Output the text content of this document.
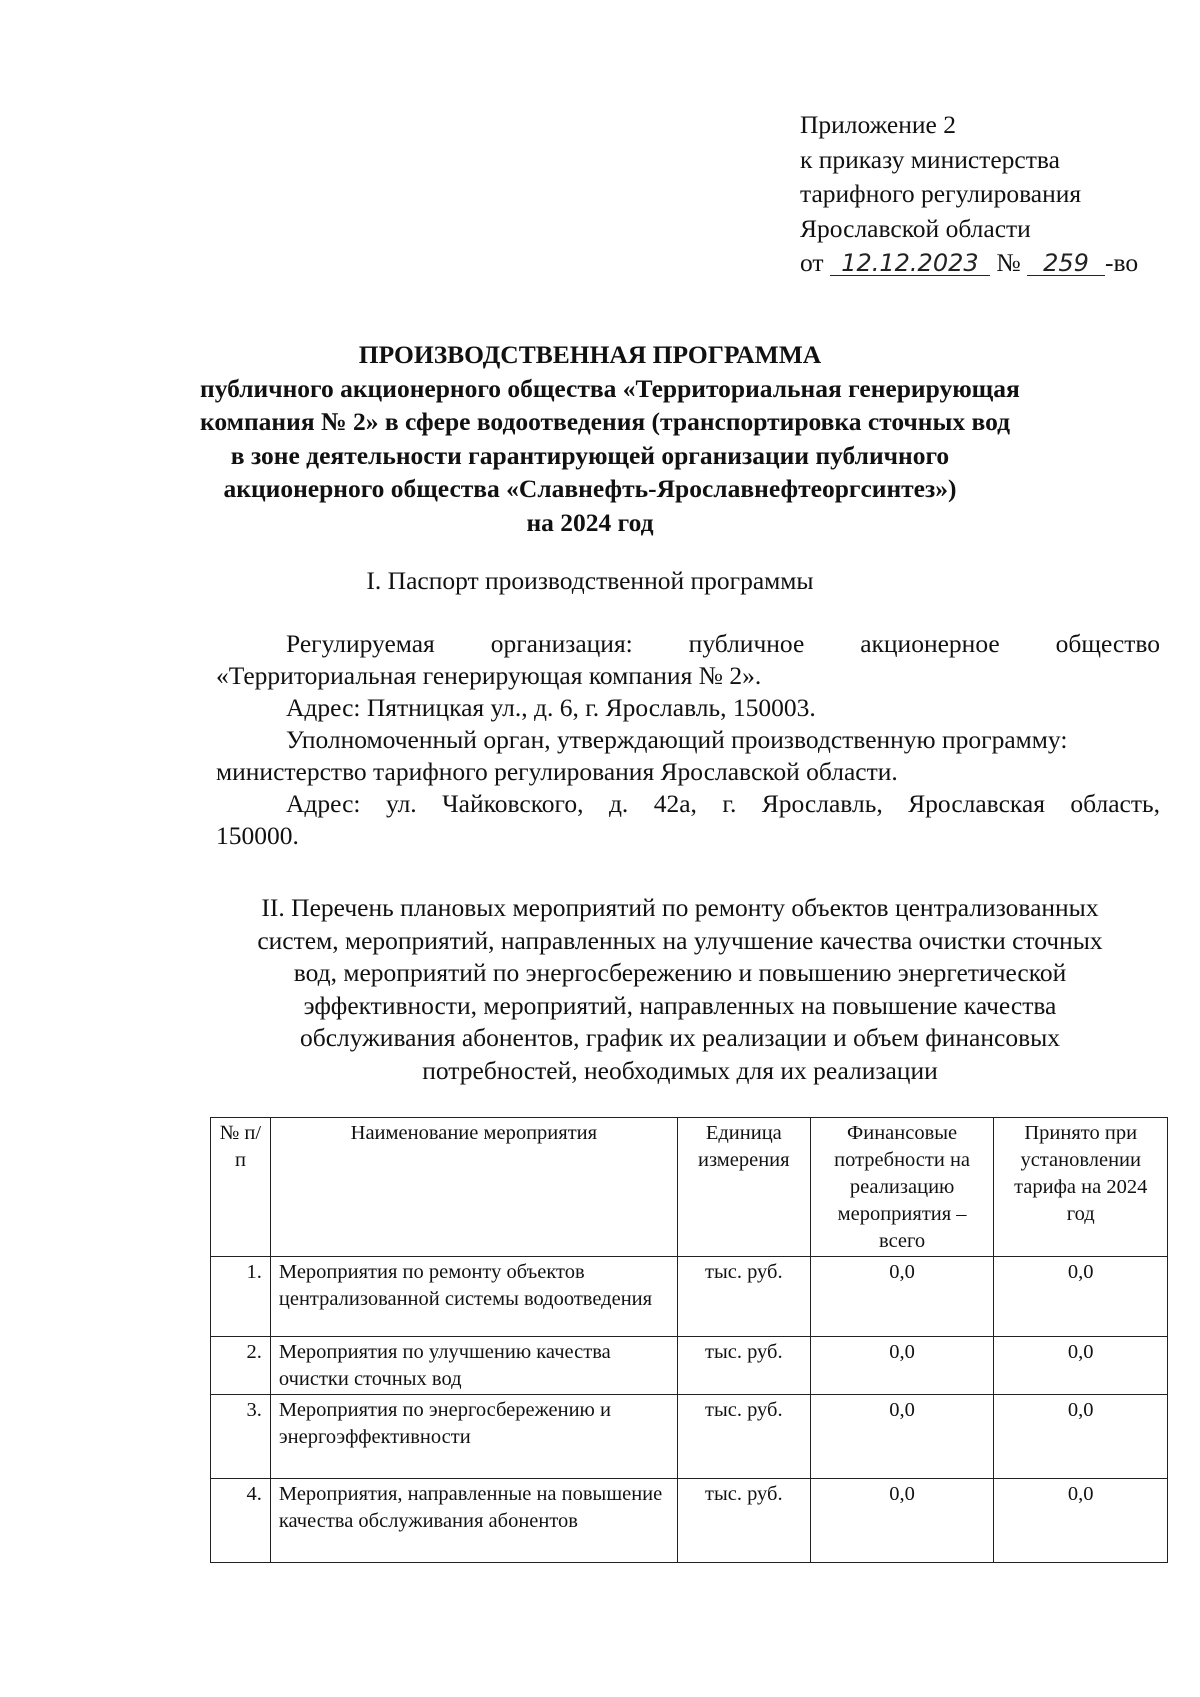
Приложение 2
к приказу министерства
тарифного регулирования
Ярославской области
от 12.12.2023 № 259 -во
ПРОИЗВОДСТВЕННАЯ ПРОГРАММА
публичного акционерного общества «Территориальная генерирующая
компания № 2» в сфере водоотведения (транспортировка сточных вод
в зоне деятельности гарантирующей организации публичного
акционерного общества «Славнефть-Ярославнефтеоргсинтез»)
на 2024 год
I. Паспорт производственной программы
Регулируемая организация: публичное акционерное общество
«Территориальная генерирующая компания № 2».
Адрес: Пятницкая ул., д. 6, г. Ярославль, 150003.
Уполномоченный орган, утверждающий производственную программу:
министерство тарифного регулирования Ярославской области.
Адрес: ул. Чайковского, д. 42а, г. Ярославль, Ярославская область,
150000.
II. Перечень плановых мероприятий по ремонту объектов централизованных
систем, мероприятий, направленных на улучшение качества очистки сточных
вод, мероприятий по энергосбережению и повышению энергетической
эффективности, мероприятий, направленных на повышение качества
обслуживания абонентов, график их реализации и объем финансовых
потребностей, необходимых для их реализации
№ п/п	Наименование мероприятия	Единица измерения	Финансовые потребности на реализацию мероприятия – всего	Принято при установлении тарифа на 2024 год
1.	Мероприятия по ремонту объектов централизованной системы водоотведения	тыс. руб.	0,0	0,0
2.	Мероприятия по улучшению качества очистки сточных вод	тыс. руб.	0,0	0,0
3.	Мероприятия по энергосбережению и энергоэффективности	тыс. руб.	0,0	0,0
4.	Мероприятия, направленные на повышение качества обслуживания абонентов	тыс. руб.	0,0	0,0
